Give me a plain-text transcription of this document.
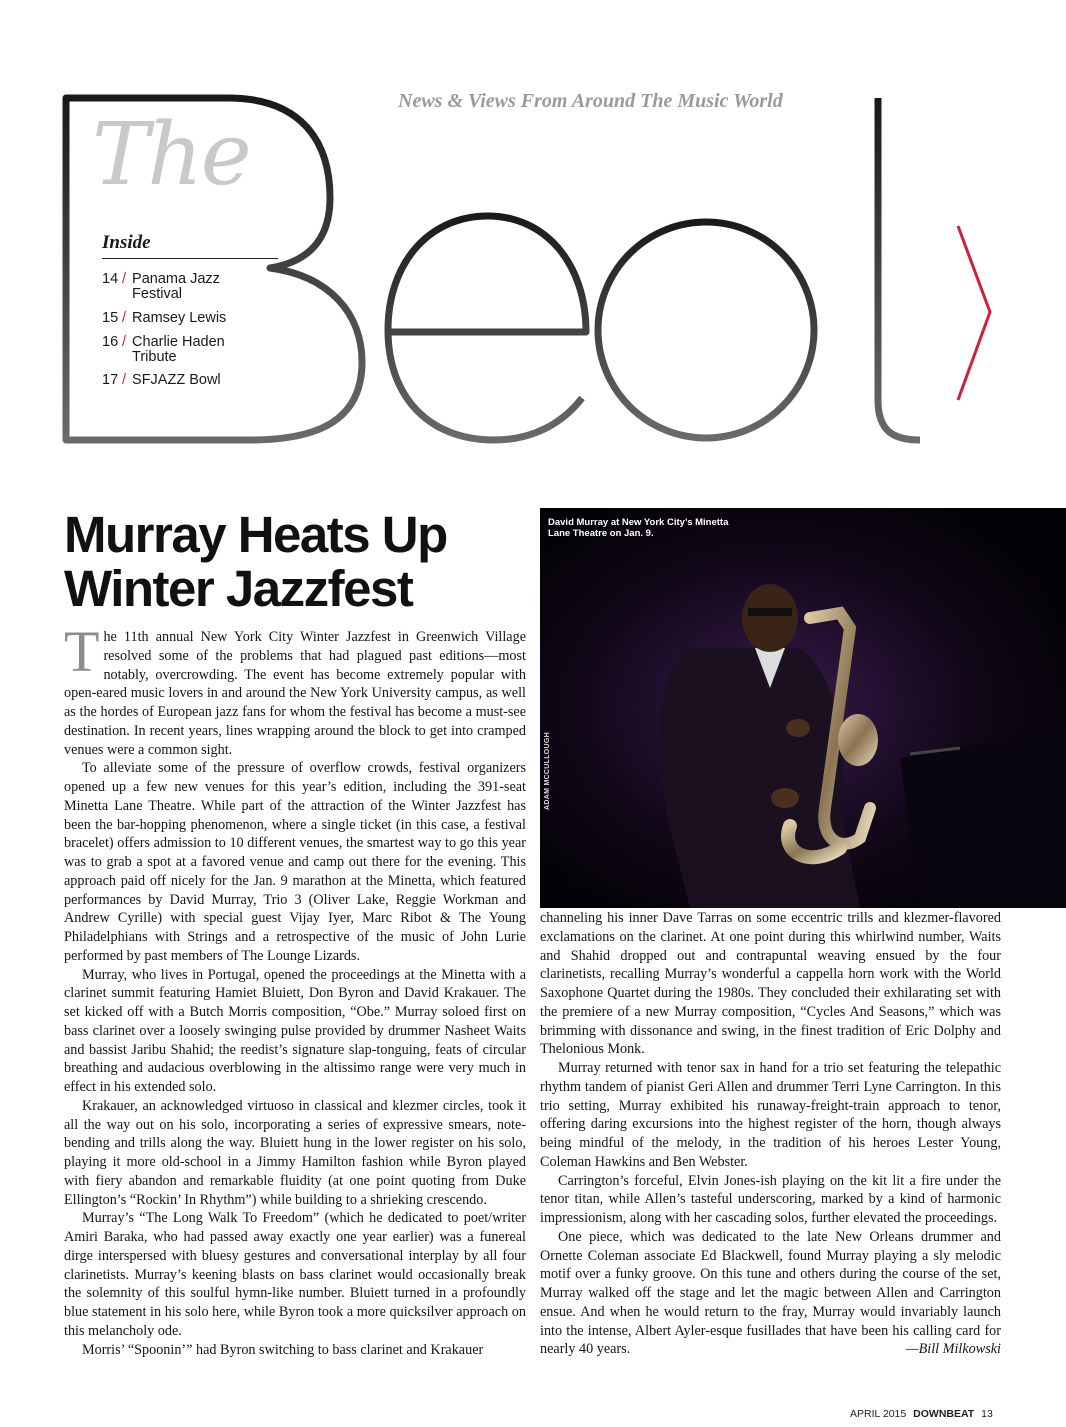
News & Views From Around The Music World
The
Inside
14 / Panama Jazz Festival
15 / Ramsey Lewis
16 / Charlie Haden Tribute
17 / SFJAZZ Bowl
Murray Heats Up Winter Jazzfest
David Murray at New York City’s Minetta Lane Theatre on Jan. 9.
ADAM MCCULLOUGH

The 11th annual New York City Winter Jazzfest in Greenwich Village resolved some of the problems that had plagued past editions—most notably, overcrowding. The event has become extremely popular with open-eared music lovers in and around the New York University campus, as well as the hordes of European jazz fans for whom the festival has become a must-see destination. In recent years, lines wrapping around the block to get into cramped venues were a common sight.

To alleviate some of the pressure of overflow crowds, festival organizers opened up a few new venues for this year’s edition, including the 391-seat Minetta Lane Theatre. While part of the attraction of the Winter Jazzfest has been the bar-hopping phenomenon, where a single ticket (in this case, a festival bracelet) offers admission to 10 different venues, the smartest way to go this year was to grab a spot at a favored venue and camp out there for the evening. This approach paid off nicely for the Jan. 9 marathon at the Minetta, which featured performances by David Murray, Trio 3 (Oliver Lake, Reggie Workman and Andrew Cyrille) with special guest Vijay Iyer, Marc Ribot & The Young Philadelphians with Strings and a retrospective of the music of John Lurie performed by past members of The Lounge Lizards.

Murray, who lives in Portugal, opened the proceedings at the Minetta with a clarinet summit featuring Hamiet Bluiett, Don Byron and David Krakauer. The set kicked off with a Butch Morris composition, “Obe.” Murray soloed first on bass clarinet over a loosely swinging pulse provided by drummer Nasheet Waits and bassist Jaribu Shahid; the reedist’s signature slap-tonguing, feats of circular breathing and audacious overblowing in the altissimo range were very much in effect in his extended solo.

Krakauer, an acknowledged virtuoso in classical and klezmer circles, took it all the way out on his solo, incorporating a series of expressive smears, note-bending and trills along the way. Bluiett hung in the lower register on his solo, playing it more old-school in a Jimmy Hamilton fashion while Byron played with fiery abandon and remarkable fluidity (at one point quoting from Duke Ellington’s “Rockin’ In Rhythm”) while building to a shrieking crescendo.

Murray’s “The Long Walk To Freedom” (which he dedicated to poet/writer Amiri Baraka, who had passed away exactly one year earlier) was a funereal dirge interspersed with bluesy gestures and conversational interplay by all four clarinetists. Murray’s keening blasts on bass clarinet would occasionally break the solemnity of this soulful hymn-like number. Bluiett turned in a profoundly blue statement in his solo here, while Byron took a more quicksilver approach on this melancholy ode.

Morris’ “Spoonin’” had Byron switching to bass clarinet and Krakauer

channeling his inner Dave Tarras on some eccentric trills and klezmer-flavored exclamations on the clarinet. At one point during this whirlwind number, Waits and Shahid dropped out and contrapuntal weaving ensued by the four clarinetists, recalling Murray’s wonderful a cappella horn work with the World Saxophone Quartet during the 1980s. They concluded their exhilarating set with the premiere of a new Murray composition, “Cycles And Seasons,” which was brimming with dissonance and swing, in the finest tradition of Eric Dolphy and Thelonious Monk.

Murray returned with tenor sax in hand for a trio set featuring the telepathic rhythm tandem of pianist Geri Allen and drummer Terri Lyne Carrington. In this trio setting, Murray exhibited his runaway-freight-train approach to tenor, offering daring excursions into the highest register of the horn, though always being mindful of the melody, in the tradition of his heroes Lester Young, Coleman Hawkins and Ben Webster.

Carrington’s forceful, Elvin Jones-ish playing on the kit lit a fire under the tenor titan, while Allen’s tasteful underscoring, marked by a kind of harmonic impressionism, along with her cascading solos, further elevated the proceedings.

One piece, which was dedicated to the late New Orleans drummer and Ornette Coleman associate Ed Blackwell, found Murray playing a sly melodic motif over a funky groove. On this tune and others during the course of the set, Murray walked off the stage and let the magic between Allen and Carrington ensue. And when he would return to the fray, Murray would invariably launch into the intense, Albert Ayler-esque fusillades that have been his calling card for nearly 40 years.	—Bill Milkowski

APRIL 2015 DOWNBEAT 13
